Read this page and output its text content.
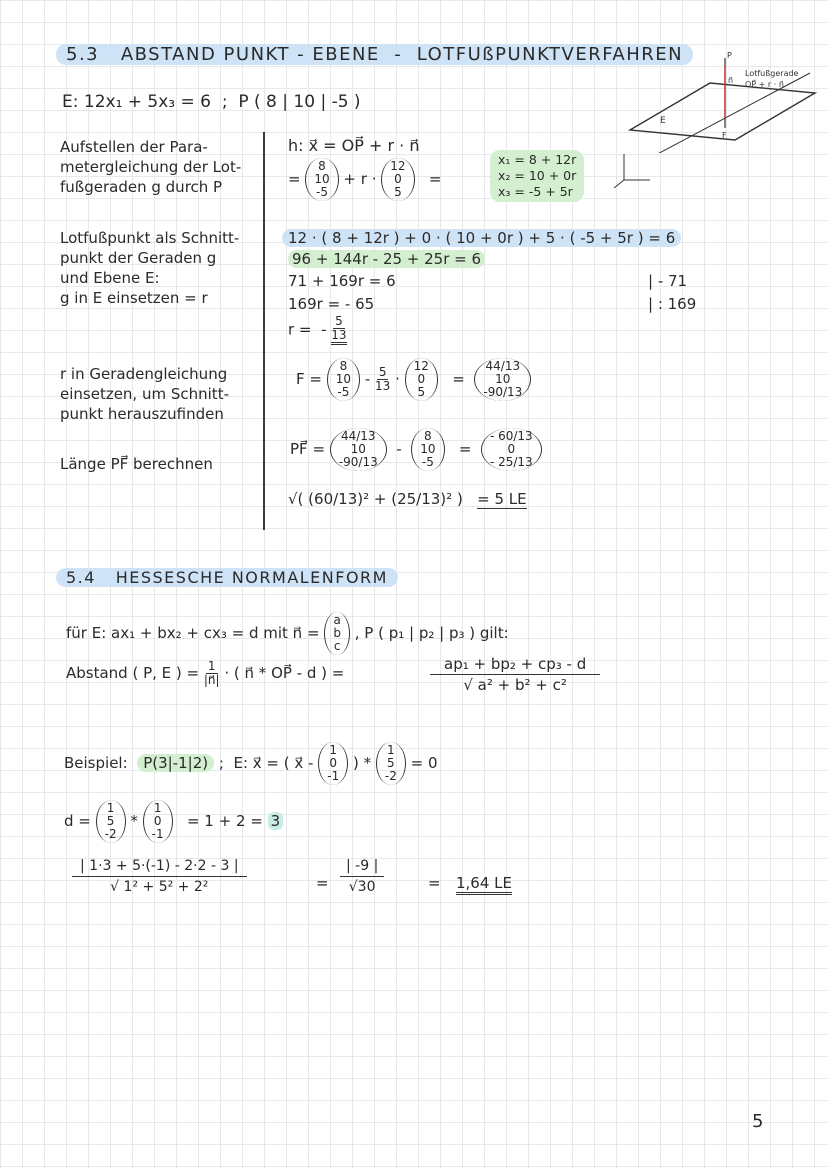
5.3 ABSTAND PUNKT - EBENE - LOTFUßPUNKTVERFAHREN
E: 12x₁ + 5x₃ = 6 ; P ( 8 | 10 | -5 )
P
n⃗
F
E
Lotfußgerade
OP⃗ + r · n⃗
Aufstellen der Para-
metergleichung der Lot-
fußgeraden g durch P
Lotfußpunkt als Schnitt-
punkt der Geraden g
und Ebene E:
g in E einsetzen = r
r in Geradengleichung
einsetzen, um Schnitt-
punkt herauszufinden
Länge PF⃗ berechnen
h: x⃗ = OP⃗ + r · n⃗
=
8
10
-5
+ r ·
12
0
5
=
x₁ = 8 + 12r
x₂ = 10 + 0r
x₃ = -5 + 5r
12 · ( 8 + 12r ) + 0 · ( 10 + 0r ) + 5 · ( -5 + 5r ) = 6
96 + 144r - 25 + 25r = 6
71 + 169r = 6	| - 71
169r = - 65	| : 169
r = - $\frac{5}{13}$
F =
8
10
-5
- $\frac{5}{13}$ ·
12
0
5
=
44/13
10
-90/13
PF⃗ =
44/13
10
-90/13
-
8
10
-5
=
- 60/13
0
- 25/13
√( (60/13)² + (25/13)² ) = 5 LE
5.4 HESSESCHE NORMALENFORM
für E: ax₁ + bx₂ + cx₃ = d mit n⃗ =
a
b
c
, P ( p₁ | p₂ | p₃ ) gilt:
Abstand ( P, E ) = $\frac{1}{|n⃗|}$ · ( n⃗ * OP⃗ - d ) =	$\frac{\text{ap₁ + bp₂ + cp₃ - d}}{\text{√ a² + b² + c²}}$
Beispiel: P(3|-1|2) ; E: x⃗ = ( x⃗ -
1
0
-1
) *
1
5
-2
= 0
d =
1
5
-2
*
1
0
-1
= 1 + 2 = 3
$\frac{| 1\cdot 3 + 5\cdot(-1) - 2\cdot 2 - 3 |}{\text{√ 1² + 5² + 2²}}$	= $\frac{| -9 |}{√30}$	= 1,64 LE
5
